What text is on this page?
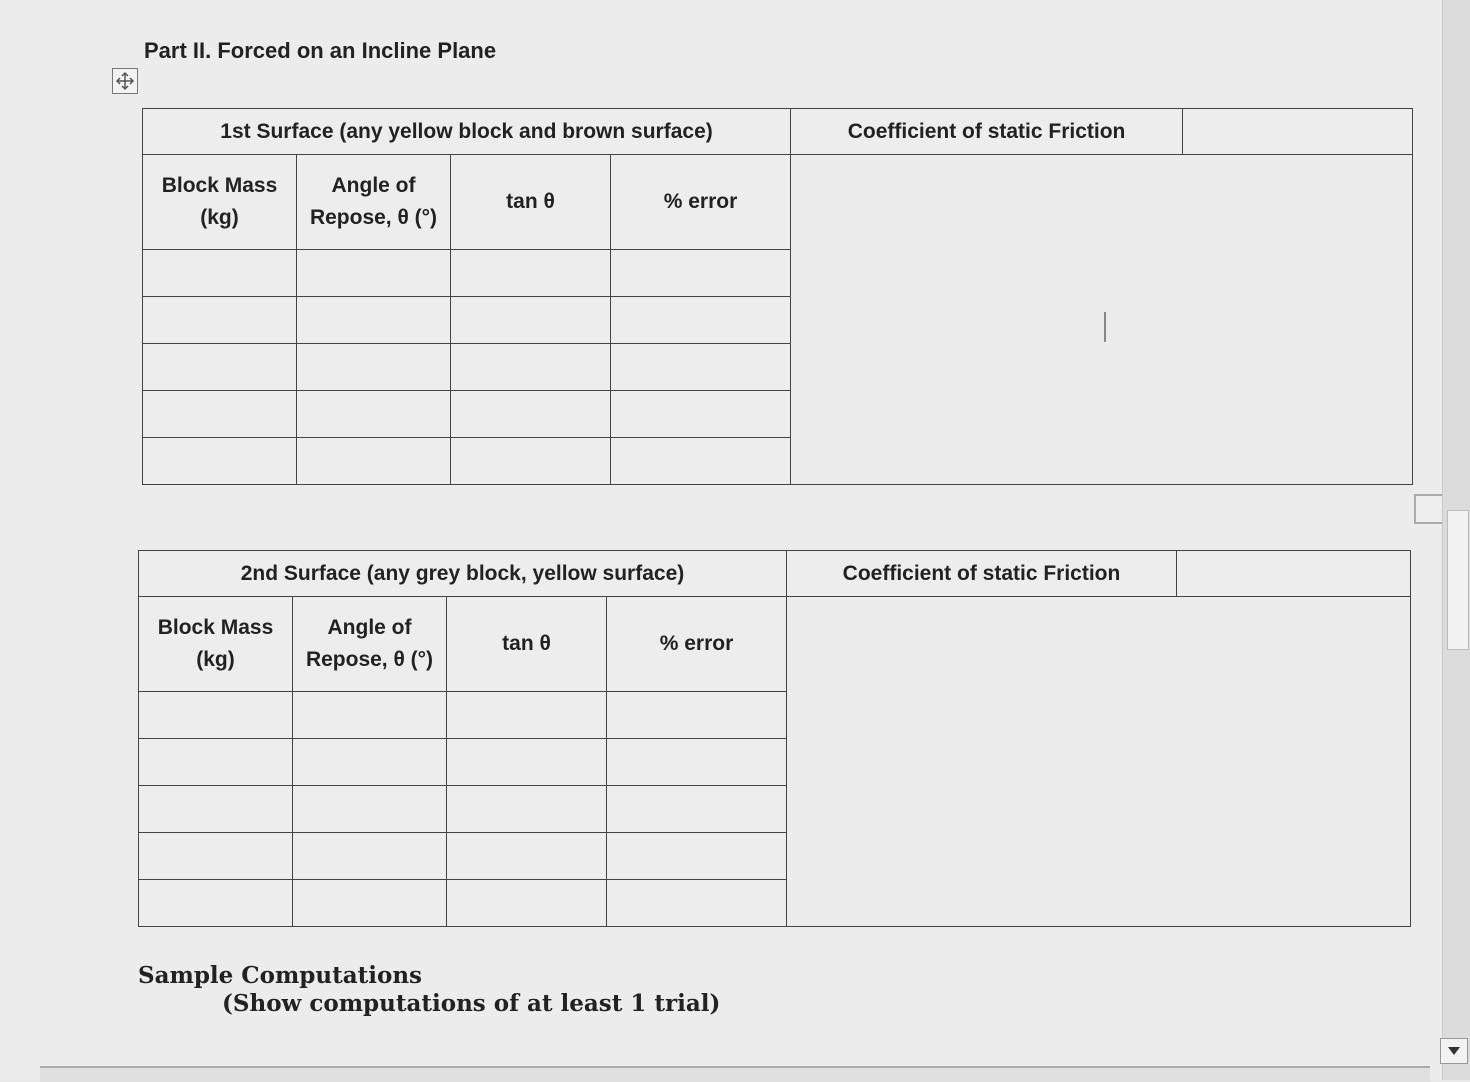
Part II. Forced on an Incline Plane
1st Surface (any yellow block and brown surface)				Coefficient of static Friction	
Block Mass (kg)	Angle of Repose, θ (°)	tan θ	% error		

2nd Surface (any grey block, yellow surface)				Coefficient of static Friction	
Block Mass (kg)	Angle of Repose, θ (°)	tan θ	% error		

Sample Computations
(Show computations of at least 1 trial)
